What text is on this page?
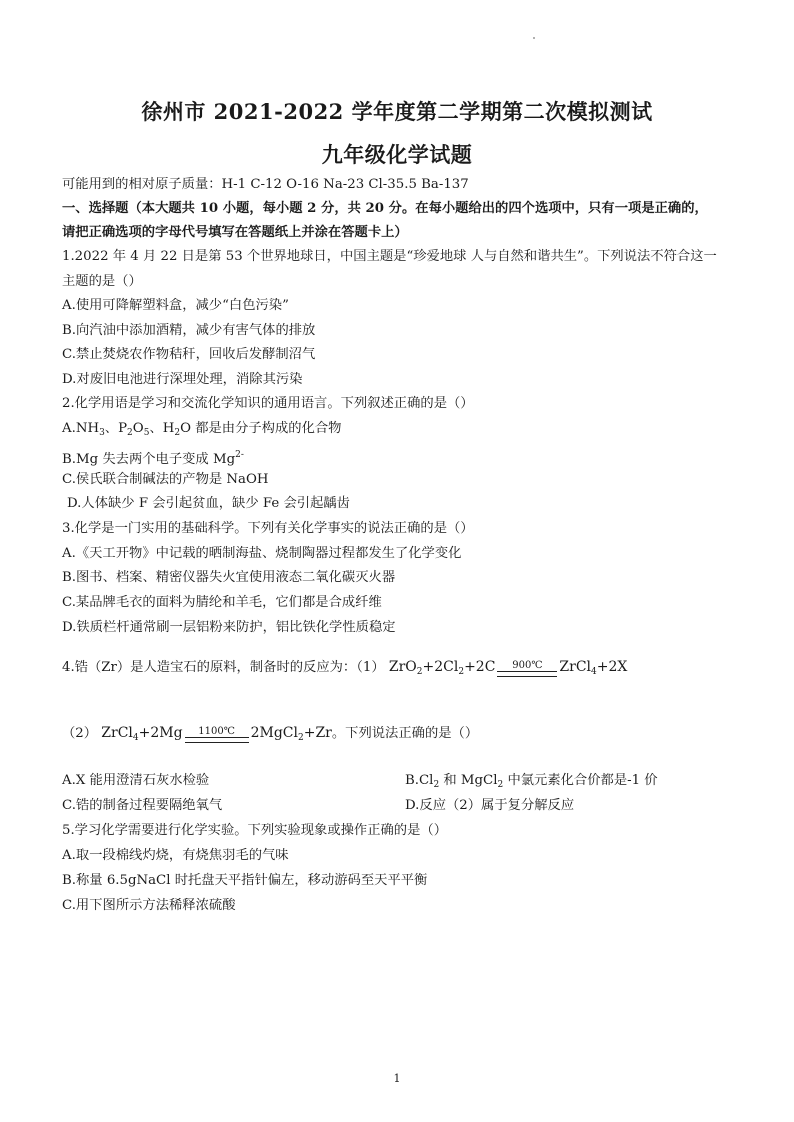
徐州市 2021-2022 学年度第二学期第二次模拟测试
九年级化学试题
可能用到的相对原子质量：H-1 C-12 O-16 Na-23 Cl-35.5 Ba-137
一、选择题（本大题共 10 小题，每小题 2 分，共 20 分。在每小题给出的四个选项中，只有一项是正确的，
请把正确选项的字母代号填写在答题纸上并涂在答题卡上）
1.2022 年 4 月 22 日是第 53 个世界地球日，中国主题是“珍爱地球 人与自然和谐共生”。下列说法不符合这一
主题的是（）
A.使用可降解塑料盒，减少“白色污染”
B.向汽油中添加酒精，减少有害气体的排放
C.禁止焚烧农作物秸秆，回收后发酵制沼气
D.对废旧电池进行深埋处理，消除其污染
2.化学用语是学习和交流化学知识的通用语言。下列叙述正确的是（）
$A.NH_3$、$P_2O_5$、$H_2O$ 都是由分子构成的化合物
B.Mg 失去两个电子变成 $Mg^{2-}$
C.侯氏联合制碱法的产物是 NaOH
D.人体缺少 F 会引起贫血，缺少 Fe 会引起龋齿
3.化学是一门实用的基础科学。下列有关化学事实的说法正确的是（）
A.《天工开物》中记载的晒制海盐、烧制陶器过程都发生了化学变化
B.图书、档案、精密仪器失火宜使用液态二氧化碳灭火器
C.某品牌毛衣的面料为腈纶和羊毛，它们都是合成纤维
D.铁质栏杆通常刷一层铝粉来防护，铝比铁化学性质稳定
4.锆（Zr）是人造宝石的原料，制备时的反应为：（1） $ZrO_2+2Cl_2+2C$	900℃	ZrCl$_4$+2X
（2） ZrCl$_4$+2Mg	1100℃	2MgCl$_2$+Zr。下列说法正确的是（）
A.X 能用澄清石灰水检验	$B.Cl_2$ 和 MgCl$_2$ 中氯元素化合价都是-1 价
C.锆的制备过程要隔绝氧气	D.反应（2）属于复分解反应
5.学习化学需要进行化学实验。下列实验现象或操作正确的是（）
A.取一段棉线灼烧，有烧焦羽毛的气味
B.称量 6.5gNaCl 时托盘天平指针偏左，移动游码至天平平衡
C.用下图所示方法稀释浓硫酸
1
